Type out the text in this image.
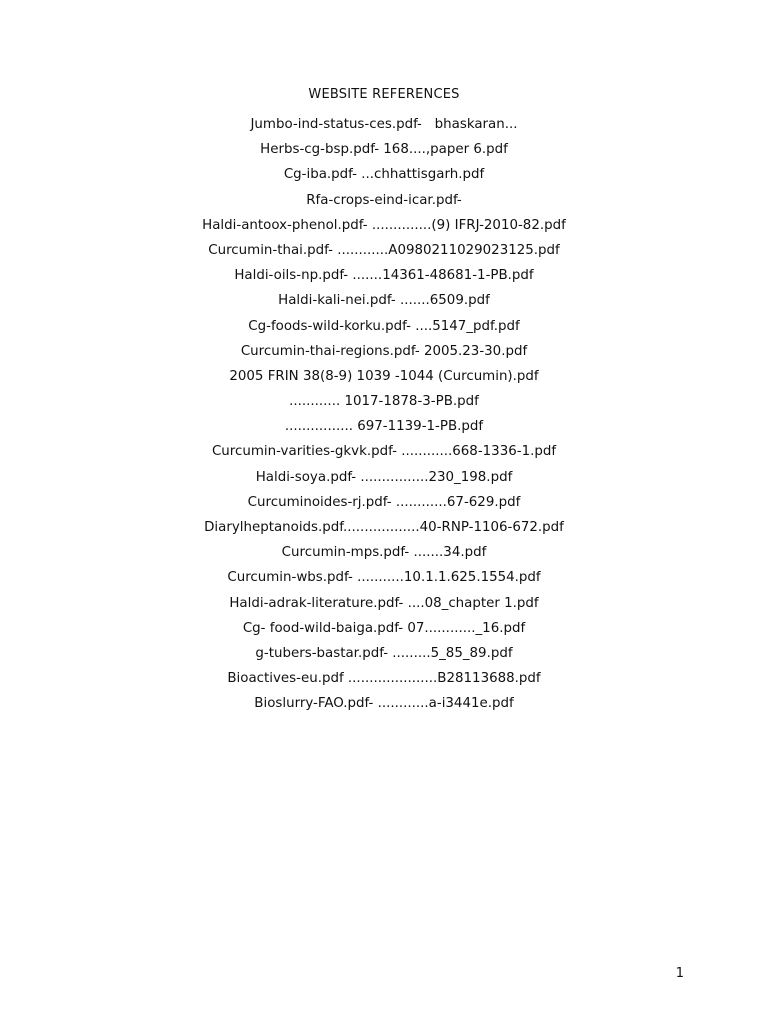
WEBSITE REFERENCES
Jumbo-ind-status-ces.pdf-   bhaskaran...
Herbs-cg-bsp.pdf- 168....,paper 6.pdf
Cg-iba.pdf- ...chhattisgarh.pdf
Rfa-crops-eind-icar.pdf-
Haldi-antoox-phenol.pdf- ..............(9) IFRJ-2010-82.pdf
Curcumin-thai.pdf- ............A0980211029023125.pdf
Haldi-oils-np.pdf- .......14361-48681-1-PB.pdf
Haldi-kali-nei.pdf- .......6509.pdf
Cg-foods-wild-korku.pdf- ....5147_pdf.pdf
Curcumin-thai-regions.pdf- 2005.23-30.pdf
2005 FRIN 38(8-9) 1039 -1044 (Curcumin).pdf
............ 1017-1878-3-PB.pdf
................ 697-1139-1-PB.pdf
Curcumin-varities-gkvk.pdf- ............668-1336-1.pdf
Haldi-soya.pdf- ................230_198.pdf
Curcuminoides-rj.pdf- ............67-629.pdf
Diarylheptanoids.pdf..................40-RNP-1106-672.pdf
Curcumin-mps.pdf- .......34.pdf
Curcumin-wbs.pdf- ...........10.1.1.625.1554.pdf
Haldi-adrak-literature.pdf- ....08_chapter 1.pdf
Cg- food-wild-baiga.pdf- 07............_16.pdf
g-tubers-bastar.pdf- .........5_85_89.pdf
Bioactives-eu.pdf .....................B28113688.pdf
Bioslurry-FAO.pdf- ............a-i3441e.pdf
1
